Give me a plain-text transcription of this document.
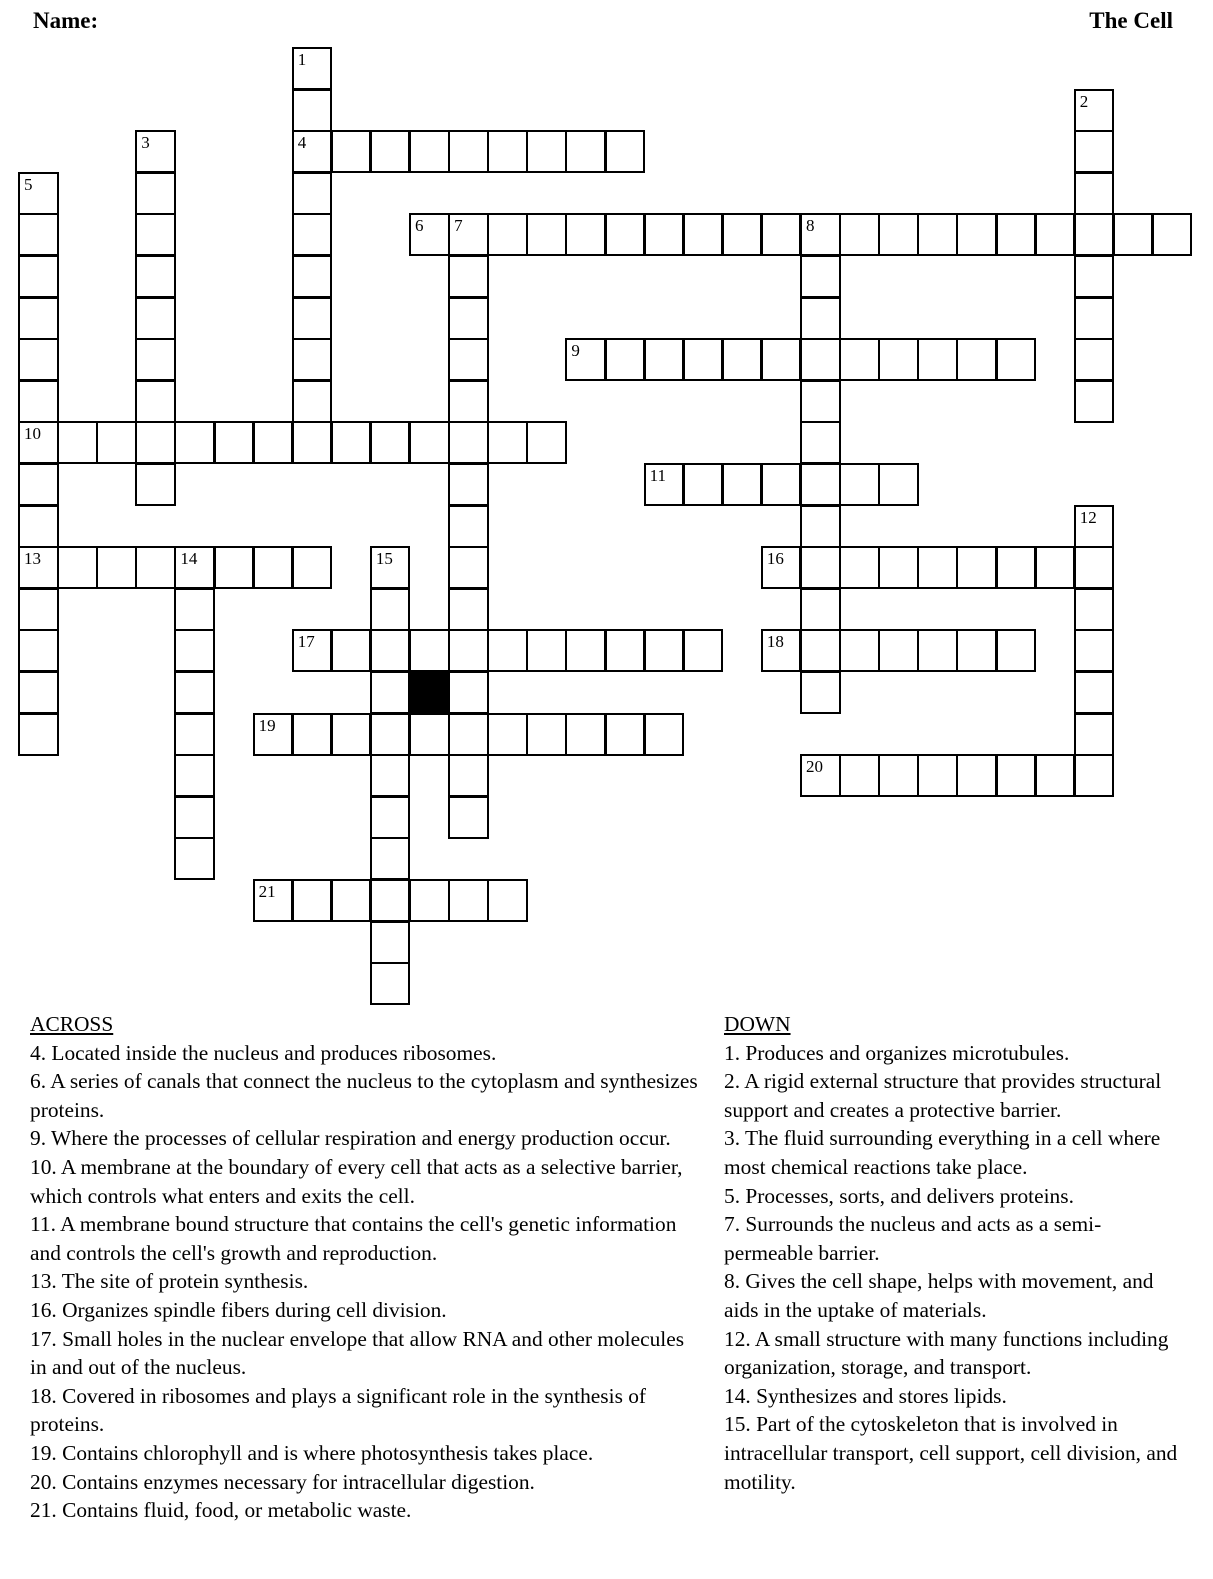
Name:	The Cell
1
4
2
3
5
10
13
6 7	8
9
11
12
14	15	16
17	18
19
20
21
ACROSS

4. Located inside the nucleus and produces ribosomes.

6. A series of canals that connect the nucleus to the cytoplasm and synthesizes proteins.

9. Where the processes of cellular respiration and energy production occur.

10. A membrane at the boundary of every cell that acts as a selective barrier, which controls what enters and exits the cell.

11. A membrane bound structure that contains the cell's genetic information and controls the cell's growth and reproduction.

13. The site of protein synthesis.

16. Organizes spindle fibers during cell division.

17. Small holes in the nuclear envelope that allow RNA and other molecules in and out of the nucleus.

18. Covered in ribosomes and plays a significant role in the synthesis of proteins.

19. Contains chlorophyll and is where photosynthesis takes place.

20. Contains enzymes necessary for intracellular digestion.

21. Contains fluid, food, or metabolic waste.

DOWN

1. Produces and organizes microtubules.

2. A rigid external structure that provides structural support and creates a protective barrier.

3. The fluid surrounding everything in a cell where most chemical reactions take place.

5. Processes, sorts, and delivers proteins.

7. Surrounds the nucleus and acts as a semi-permeable barrier.

8. Gives the cell shape, helps with movement, and aids in the uptake of materials.

12. A small structure with many functions including organization, storage, and transport.

14. Synthesizes and stores lipids.

15. Part of the cytoskeleton that is involved in intracellular transport, cell support, cell division, and motility.
